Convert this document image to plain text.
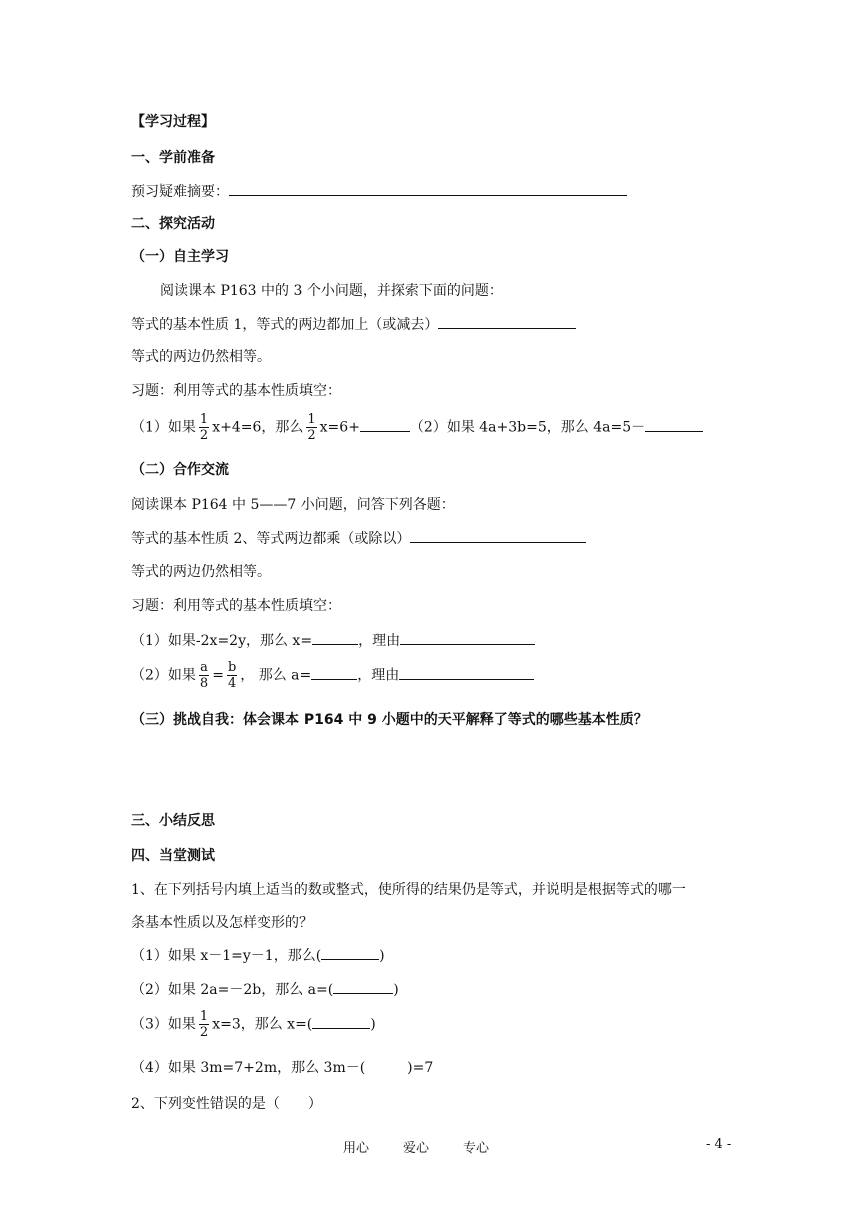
【学习过程】
一、学前准备
预习疑难摘要：
二、探究活动
（一）自主学习
阅读课本 P163 中的 3 个小问题，并探索下面的问题：
等式的基本性质 1，等式的两边都加上（或减去）
等式的两边仍然相等。
习题：利用等式的基本性质填空：
（1）如果 $\frac{1}{2} x+4=6$，那么 $\frac{1}{2} x=6+$	（2）如果 4a+3b=5，那么 4a=5－
（二）合作交流
阅读课本 P164 中 5——7 小问题，问答下列各题：
等式的基本性质 2、等式两边都乘（或除以）
等式的两边仍然相等。
习题：利用等式的基本性质填空：
（1）如果-2x=2y，那么 x=	，理由
（2）如果 $\frac{a}{8} = \frac{b}{4}$ ， 那么 a=	，理由
（三）挑战自我：体会课本 P164 中 9 小题中的天平解释了等式的哪些基本性质？
三、小结反思
四、当堂测试
1、在下列括号内填上适当的数或整式，使所得的结果仍是等式，并说明是根据等式的哪一
条基本性质以及怎样变形的？
（1）如果 x－1=y－1，那么(	)
（2）如果 2a=－2b，那么 a=(	)
（3）如果 $\frac{1}{2} x=3$，那么 x=(	)
（4）如果 3m=7+2m，那么 3m－(　　　)=7
2、下列变性错误的是（　　）
用心	爱心	专心	- 4 -
